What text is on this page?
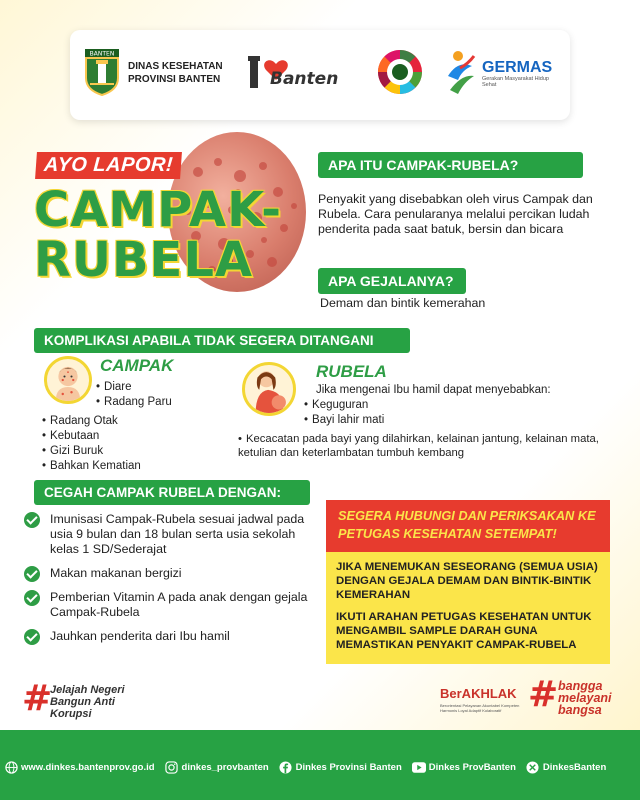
BANTEN
DINAS KESEHATAN
PROVINSI BANTEN	Banten
GERMAS
Gerakan Masyarakat Hidup Sehat
AYO LAPOR!
CAMPAK-
RUBELA
APA ITU CAMPAK-RUBELA?
Penyakit yang disebabkan oleh virus Campak dan Rubela. Cara penularanya melalui percikan ludah penderita pada saat batuk, bersin dan bicara
APA GEJALANYA?
Demam dan bintik kemerahan
KOMPLIKASI APABILA TIDAK SEGERA DITANGANI
CAMPAK
• Diare
• Radang Paru
• Radang Otak
• Kebutaan
• Gizi Buruk
• Bahkan Kematian
RUBELA
Jika mengenai Ibu hamil dapat menyebabkan:
• Keguguran
• Bayi lahir mati
• Kecacatan pada bayi yang dilahirkan, kelainan jantung, kelainan mata, ketulian dan keterlambatan tumbuh kembang
CEGAH CAMPAK RUBELA DENGAN:
Imunisasi Campak-Rubela sesuai jadwal pada usia 9 bulan dan 18 bulan serta usia sekolah kelas 1 SD/Sederajat
Makan makanan bergizi
Pemberian Vitamin A pada anak dengan gejala Campak-Rubela
Jauhkan penderita dari Ibu hamil
SEGERA HUBUNGI DAN PERIKSAKAN KE
PETUGAS KESEHATAN SETEMPAT!
JIKA MENEMUKAN SESEORANG (SEMUA USIA) DENGAN GEJALA DEMAM DAN BINTIK-BINTIK KEMERAHAN
IKUTI ARAHAN PETUGAS KESEHATAN UNTUK MENGAMBIL SAMPLE DARAH GUNA MEMASTIKAN PENYAKIT CAMPAK-RUBELA
#
Jelajah Negeri
Bangun Anti
Korupsi
BerAKHLAK
Berorientasi Pelayanan Akuntabel Kompeten Harmonis Loyal Adaptif Kolaboratif # bangga
melayani
bangsa
www.dinkes.bantenprov.go.id	dinkes_provbanten	Dinkes Provinsi Banten	Dinkes ProvBanten	DinkesBanten
